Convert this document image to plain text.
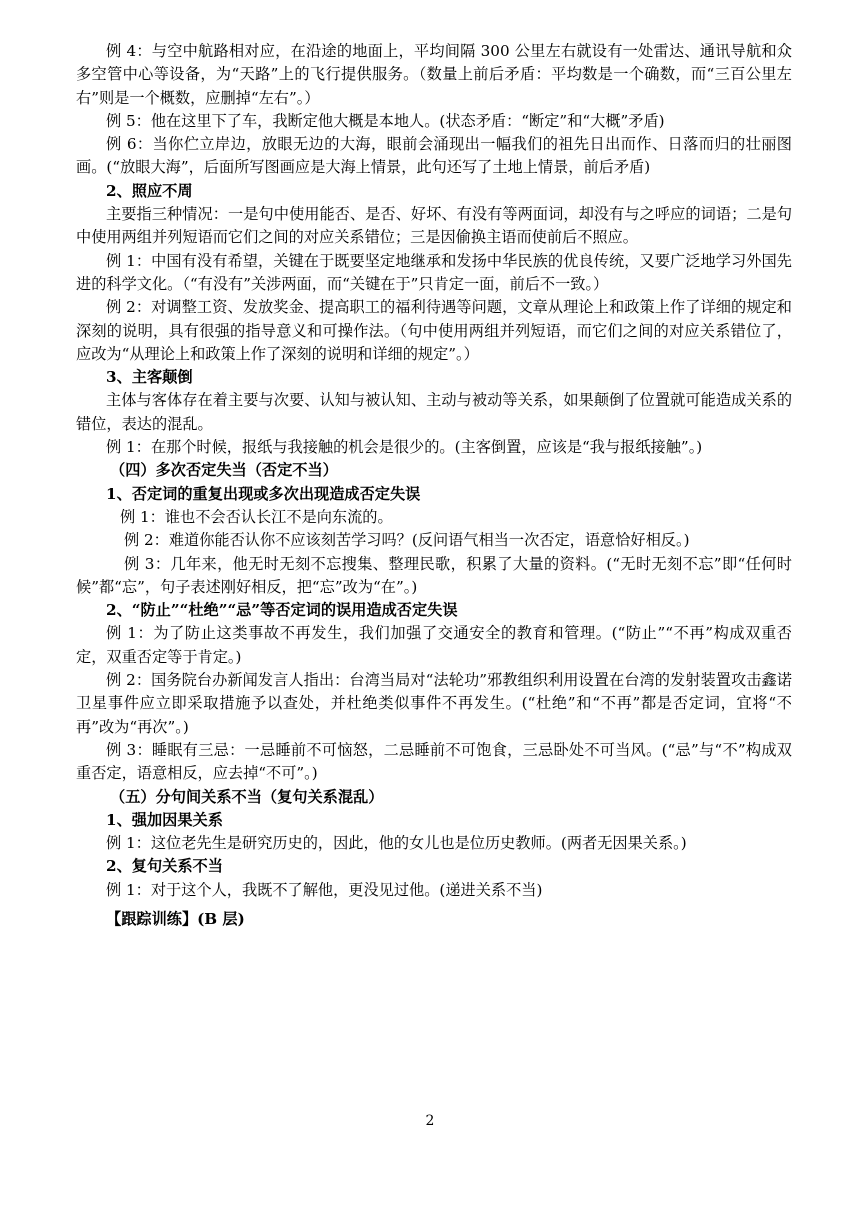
例 4：与空中航路相对应，在沿途的地面上，平均间隔 300 公里左右就设有一处雷达、通讯导航和众多空管中心等设备，为“天路”上的飞行提供服务。（数量上前后矛盾：平均数是一个确数，而“三百公里左右”则是一个概数，应删掉“左右”。）

例 5：他在这里下了车，我断定他大概是本地人。(状态矛盾：“断定”和“大概”矛盾)

例 6：当你伫立岸边，放眼无边的大海，眼前会涌现出一幅我们的祖先日出而作、日落而归的壮丽图画。(“放眼大海”，后面所写图画应是大海上情景，此句还写了土地上情景，前后矛盾)

2、照应不周

主要指三种情况：一是句中使用能否、是否、好坏、有没有等两面词，却没有与之呼应的词语；二是句中使用两组并列短语而它们之间的对应关系错位；三是因偷换主语而使前后不照应。

例 1：中国有没有希望，关键在于既要坚定地继承和发扬中华民族的优良传统，又要广泛地学习外国先进的科学文化。（“有没有”关涉两面，而“关键在于”只肯定一面，前后不一致。）

例 2：对调整工资、发放奖金、提高职工的福利待遇等问题，文章从理论上和政策上作了详细的规定和深刻的说明，具有很强的指导意义和可操作法。（句中使用两组并列短语，而它们之间的对应关系错位了，应改为“从理论上和政策上作了深刻的说明和详细的规定”。）

3、主客颠倒

主体与客体存在着主要与次要、认知与被认知、主动与被动等关系，如果颠倒了位置就可能造成关系的错位，表达的混乱。

例 1：在那个时候，报纸与我接触的机会是很少的。(主客倒置，应该是“我与报纸接触”。)

（四）多次否定失当（否定不当）

1、否定词的重复出现或多次出现造成否定失误

例 1：谁也不会否认长江不是向东流的。

例 2：难道你能否认你不应该刻苦学习吗？(反问语气相当一次否定，语意恰好相反。)

例 3：几年来，他无时无刻不忘搜集、整理民歌，积累了大量的资料。(“无时无刻不忘”即“任何时候”都“忘”，句子表述刚好相反，把“忘”改为“在”。)

2、“防止”“杜绝”“忌”等否定词的误用造成否定失误

例 1：为了防止这类事故不再发生，我们加强了交通安全的教育和管理。(“防止”“不再”构成双重否定，双重否定等于肯定。)

例 2：国务院台办新闻发言人指出：台湾当局对“法轮功”邪教组织利用设置在台湾的发射装置攻击鑫诺卫星事件应立即采取措施予以查处，并杜绝类似事件不再发生。(“杜绝”和“不再”都是否定词，宜将“不再”改为“再次”。)

例 3：睡眠有三忌：一忌睡前不可恼怒，二忌睡前不可饱食，三忌卧处不可当风。(“忌”与“不”构成双重否定，语意相反，应去掉“不可”。)

（五）分句间关系不当（复句关系混乱）

1、强加因果关系

例 1：这位老先生是研究历史的，因此，他的女儿也是位历史教师。(两者无因果关系。)

2、复句关系不当

例 1：对于这个人，我既不了解他，更没见过他。(递进关系不当)

【跟踪训练】(B 层)

2
